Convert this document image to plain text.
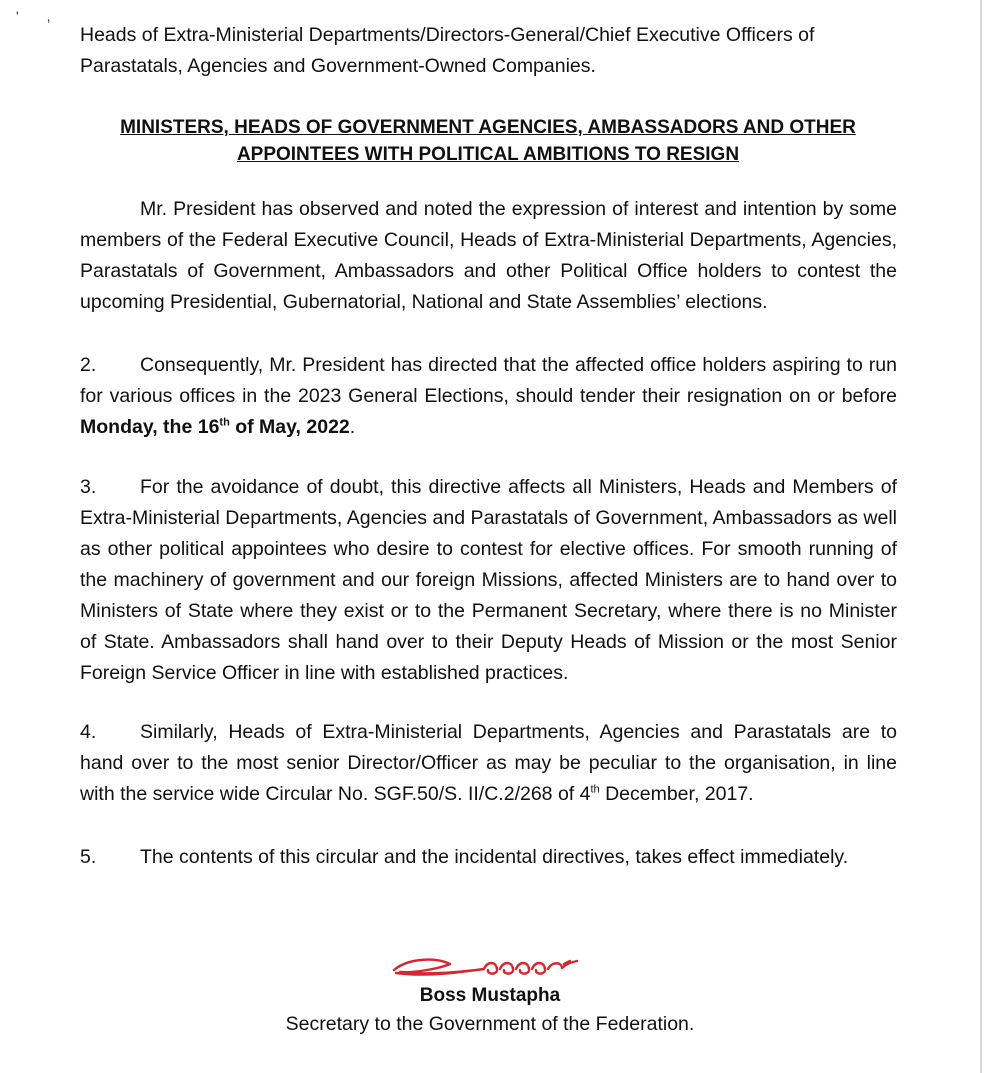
' ,
Heads of Extra-Ministerial Departments/Directors-General/Chief Executive Officers of Parastatals, Agencies and Government-Owned Companies.
MINISTERS, HEADS OF GOVERNMENT AGENCIES, AMBASSADORS AND OTHER
APPOINTEES WITH POLITICAL AMBITIONS TO RESIGN
Mr. President has observed and noted the expression of interest and intention by some members of the Federal Executive Council, Heads of Extra-Ministerial Departments, Agencies, Parastatals of Government, Ambassadors and other Political Office holders to contest the upcoming Presidential, Gubernatorial, National and State Assemblies’ elections.
2. Consequently, Mr. President has directed that the affected office holders aspiring to run for various offices in the 2023 General Elections, should tender their resignation on or before Monday, the 16th of May, 2022.
3. For the avoidance of doubt, this directive affects all Ministers, Heads and Members of Extra-Ministerial Departments, Agencies and Parastatals of Government, Ambassadors as well as other political appointees who desire to contest for elective offices. For smooth running of the machinery of government and our foreign Missions, affected Ministers are to hand over to Ministers of State where they exist or to the Permanent Secretary, where there is no Minister of State. Ambassadors shall hand over to their Deputy Heads of Mission or the most Senior Foreign Service Officer in line with established practices.
4. Similarly, Heads of Extra-Ministerial Departments, Agencies and Parastatals are to hand over to the most senior Director/Officer as may be peculiar to the organisation, in line with the service wide Circular No. SGF.50/S. II/C.2/268 of 4th December, 2017.
5. The contents of this circular and the incidental directives, takes effect immediately.
Boss Mustapha
Secretary to the Government of the Federation.
